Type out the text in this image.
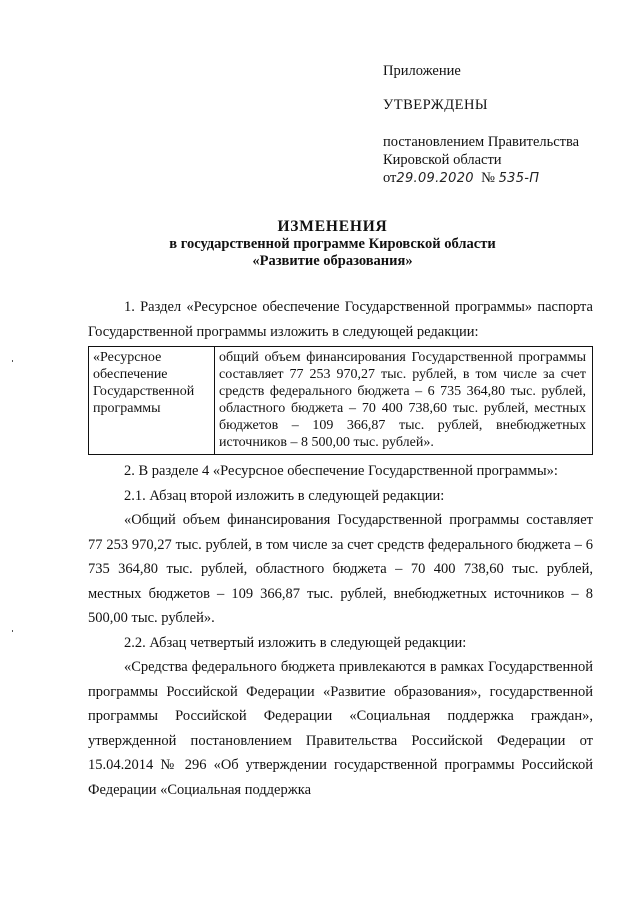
Приложение

УТВЕРЖДЕНЫ

постановлением Правительства

Кировской области

от29.09.2020 № 535-П

ИЗМЕНЕНИЯ
в государственной программе Кировской области
«Развитие образования»

1. Раздел «Ресурсное обеспечение Государственной программы» паспорта Государственной программы изложить в следующей редакции:

«Ресурсное обеспечение Государственной программы	общий объем финансирования Государственной программы составляет 77 253 970,27 тыс. рублей, в том числе за счет средств федерального бюджета – 6 735 364,80 тыс. рублей, областного бюджета – 70 400 738,60 тыс. рублей, местных бюджетов – 109 366,87 тыс. рублей, внебюджетных источников – 8 500,00 тыс. рублей».

2. В разделе 4 «Ресурсное обеспечение Государственной программы»:

2.1. Абзац второй изложить в следующей редакции:

«Общий объем финансирования Государственной программы составляет 77 253 970,27 тыс. рублей, в том числе за счет средств федерального бюджета – 6 735 364,80 тыс. рублей, областного бюджета – 70 400 738,60 тыс. рублей, местных бюджетов – 109 366,87 тыс. рублей, внебюджетных источников – 8 500,00 тыс. рублей».

2.2. Абзац четвертый изложить в следующей редакции:

«Средства федерального бюджета привлекаются в рамках Государственной программы Российской Федерации «Развитие образования», государственной программы Российской Федерации «Социальная поддержка граждан», утвержденной постановлением Правительства Российской Федерации от 15.04.2014 № 296 «Об утверждении государственной программы Российской Федерации «Социальная поддержка
